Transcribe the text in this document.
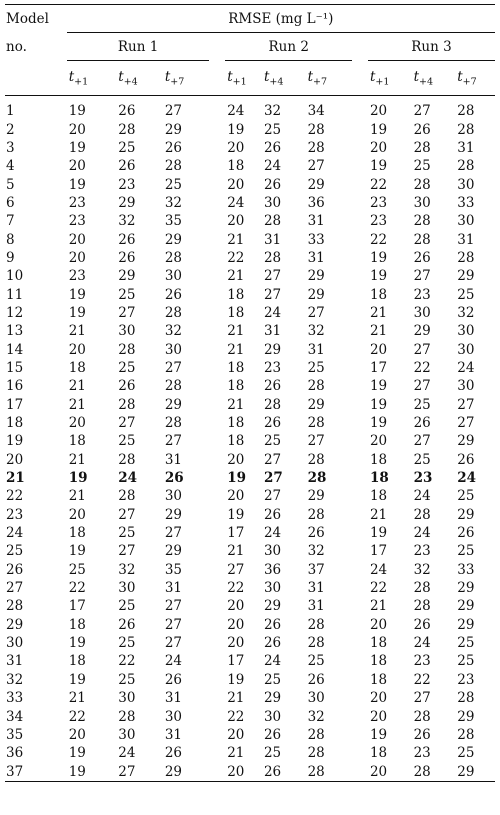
Model	RMSE (mg L⁻¹)										
no.	Run 1				Run 2				Run 3		
	$t_{+1}$	$t_{+4}$	$t_{+7}$		$t_{+1}$	$t_{+4}$	$t_{+7}$		$t_{+1}$	$t_{+4}$	$t_{+7}$

1	19	26	27		24	32	34		20	27	28
2	20	28	29		19	25	28		19	26	28
3	19	25	26		20	26	28		20	28	31
4	20	26	28		18	24	27		19	25	28
5	19	23	25		20	26	29		22	28	30
6	23	29	32		24	30	36		23	30	33
7	23	32	35		20	28	31		23	28	30
8	20	26	29		21	31	33		22	28	31
9	20	26	28		22	28	31		19	26	28
10	23	29	30		21	27	29		19	27	29
11	19	25	26		18	27	29		18	23	25
12	19	27	28		18	24	27		21	30	32
13	21	30	32		21	31	32		21	29	30
14	20	28	30		21	29	31		20	27	30
15	18	25	27		18	23	25		17	22	24
16	21	26	28		18	26	28		19	27	30
17	21	28	29		21	28	29		19	25	27
18	20	27	28		18	26	28		19	26	27
19	18	25	27		18	25	27		20	27	29
20	21	28	31		20	27	28		18	25	26
21	19	24	26		19	27	28		18	23	24
22	21	28	30		20	27	29		18	24	25
23	20	27	29		19	26	28		21	28	29
24	18	25	27		17	24	26		19	24	26
25	19	27	29		21	30	32		17	23	25
26	25	32	35		27	36	37		24	32	33
27	22	30	31		22	30	31		22	28	29
28	17	25	27		20	29	31		21	28	29
29	18	26	27		20	26	28		20	26	29
30	19	25	27		20	26	28		18	24	25
31	18	22	24		17	24	25		18	23	25
32	19	25	26		19	25	26		18	22	23
33	21	30	31		21	29	30		20	27	28
34	22	28	30		22	30	32		20	28	29
35	20	30	31		20	26	28		19	26	28
36	19	24	26		21	25	28		18	23	25
37	19	27	29		20	26	28		20	28	29
